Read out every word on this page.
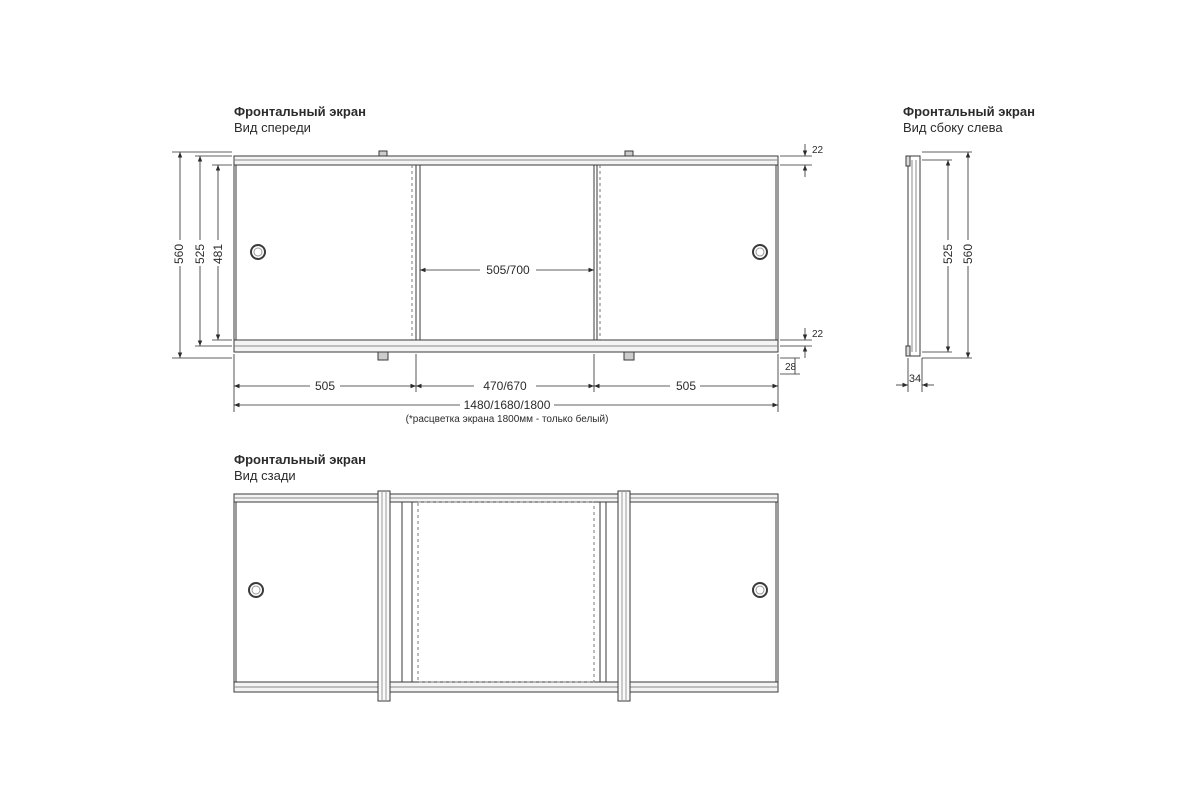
Фронтальный экран
Вид спереди
Фронтальный экран
Вид сбоку слева
Фронтальный экран
Вид сзади
560 525 481
505/700
22
22
28
505	470/670	505
1480/1680/1800
(*расцветка экрана 1800мм - только белый)
525 560
34
